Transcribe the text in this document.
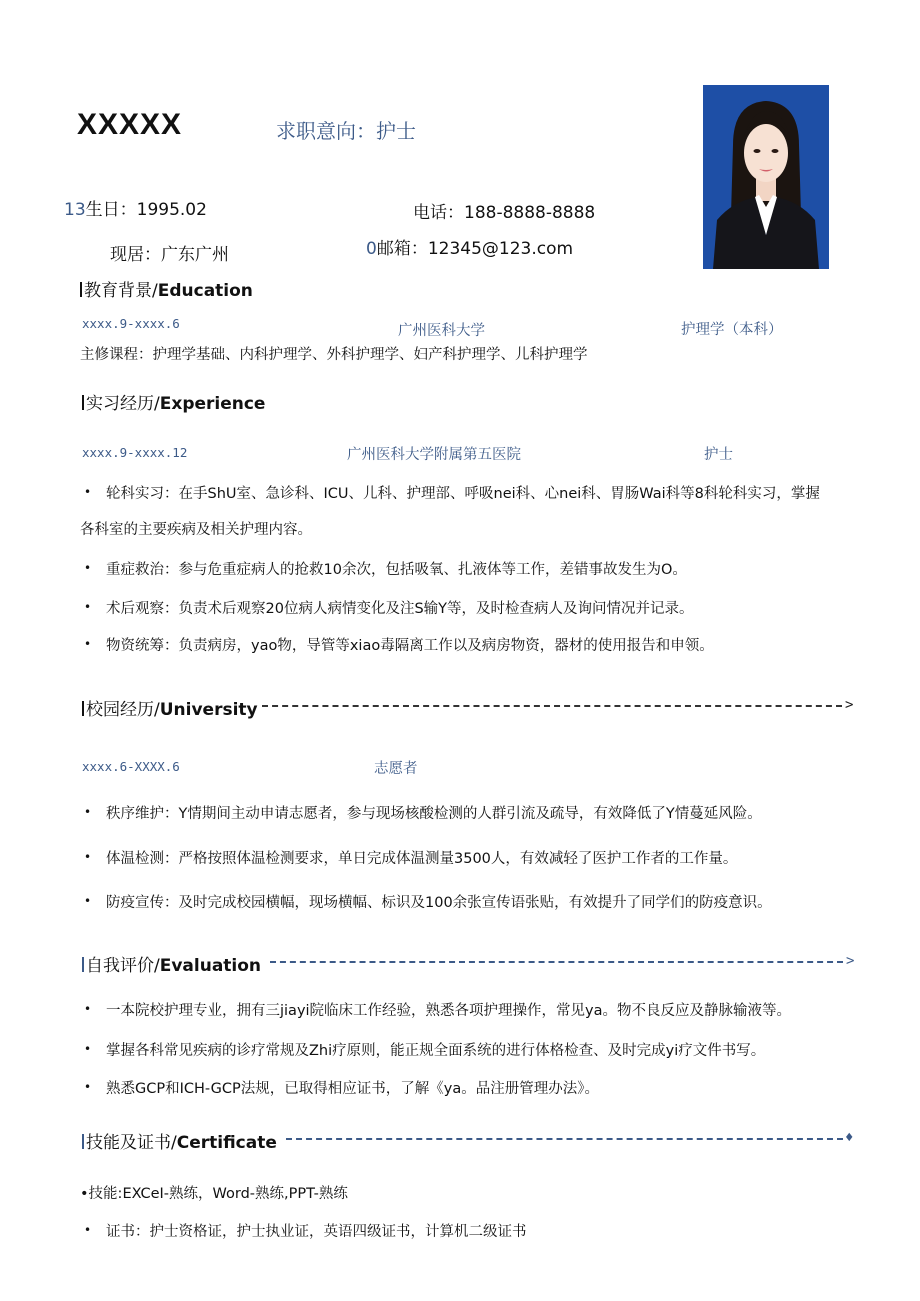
XXXXX	求职意向：护士
13生日：1995.02	电话：188-8888-8888
现居：广东广州	0邮箱：12345@123.com
教育背景/Education
xxxx.9-xxxx.6	广州医科大学	护理学（本科）
主修课程：护理学基础、内科护理学、外科护理学、妇产科护理学、儿科护理学
实习经历/Experience
xxxx.9-xxxx.12	广州医科大学附属第五医院	护士
• 轮科实习：在手ShU室、急诊科、ICU、儿科、护理部、呼吸nei科、心nei科、胃肠Wai科等8科轮科实习，掌握
各科室的主要疾病及相关护理内容。
• 重症救治：参与危重症病人的抢救10余次，包括吸氧、扎液体等工作，差错事故发生为O。
• 术后观察：负责术后观察20位病人病情变化及注S输Y等，及时检查病人及询问情况并记录。
• 物资统筹：负责病房，yao物，导管等xiao毒隔离工作以及病房物资，器材的使用报告和申领。
校园经历/University	>
xxxx.6-XXXX.6	志愿者
• 秩序维护：Y情期间主动申请志愿者，参与现场核酸检测的人群引流及疏导，有效降低了Y情蔓延风险。
• 体温检测：严格按照体温检测要求，单日完成体温测量3500人，有效减轻了医护工作者的工作量。
• 防疫宣传：及时完成校园横幅，现场横幅、标识及100余张宣传语张贴，有效提升了同学们的防疫意识。
自我评价/Evaluation	>
• 一本院校护理专业，拥有三jiayi院临床工作经验，熟悉各项护理操作，常见ya。物不良反应及静脉输液等。
• 掌握各科常见疾病的诊疗常规及Zhi疗原则，能正规全面系统的进行体格检查、及时完成yi疗文件书写。
• 熟悉GCP和ICH-GCP法规，已取得相应证书，了解《ya。品注册管理办法》。
技能及证书/Certificate	♦
•技能:EXCeI-熟练，Word-熟练,PPT-熟练
• 证书：护士资格证，护士执业证，英语四级证书，计算机二级证书
